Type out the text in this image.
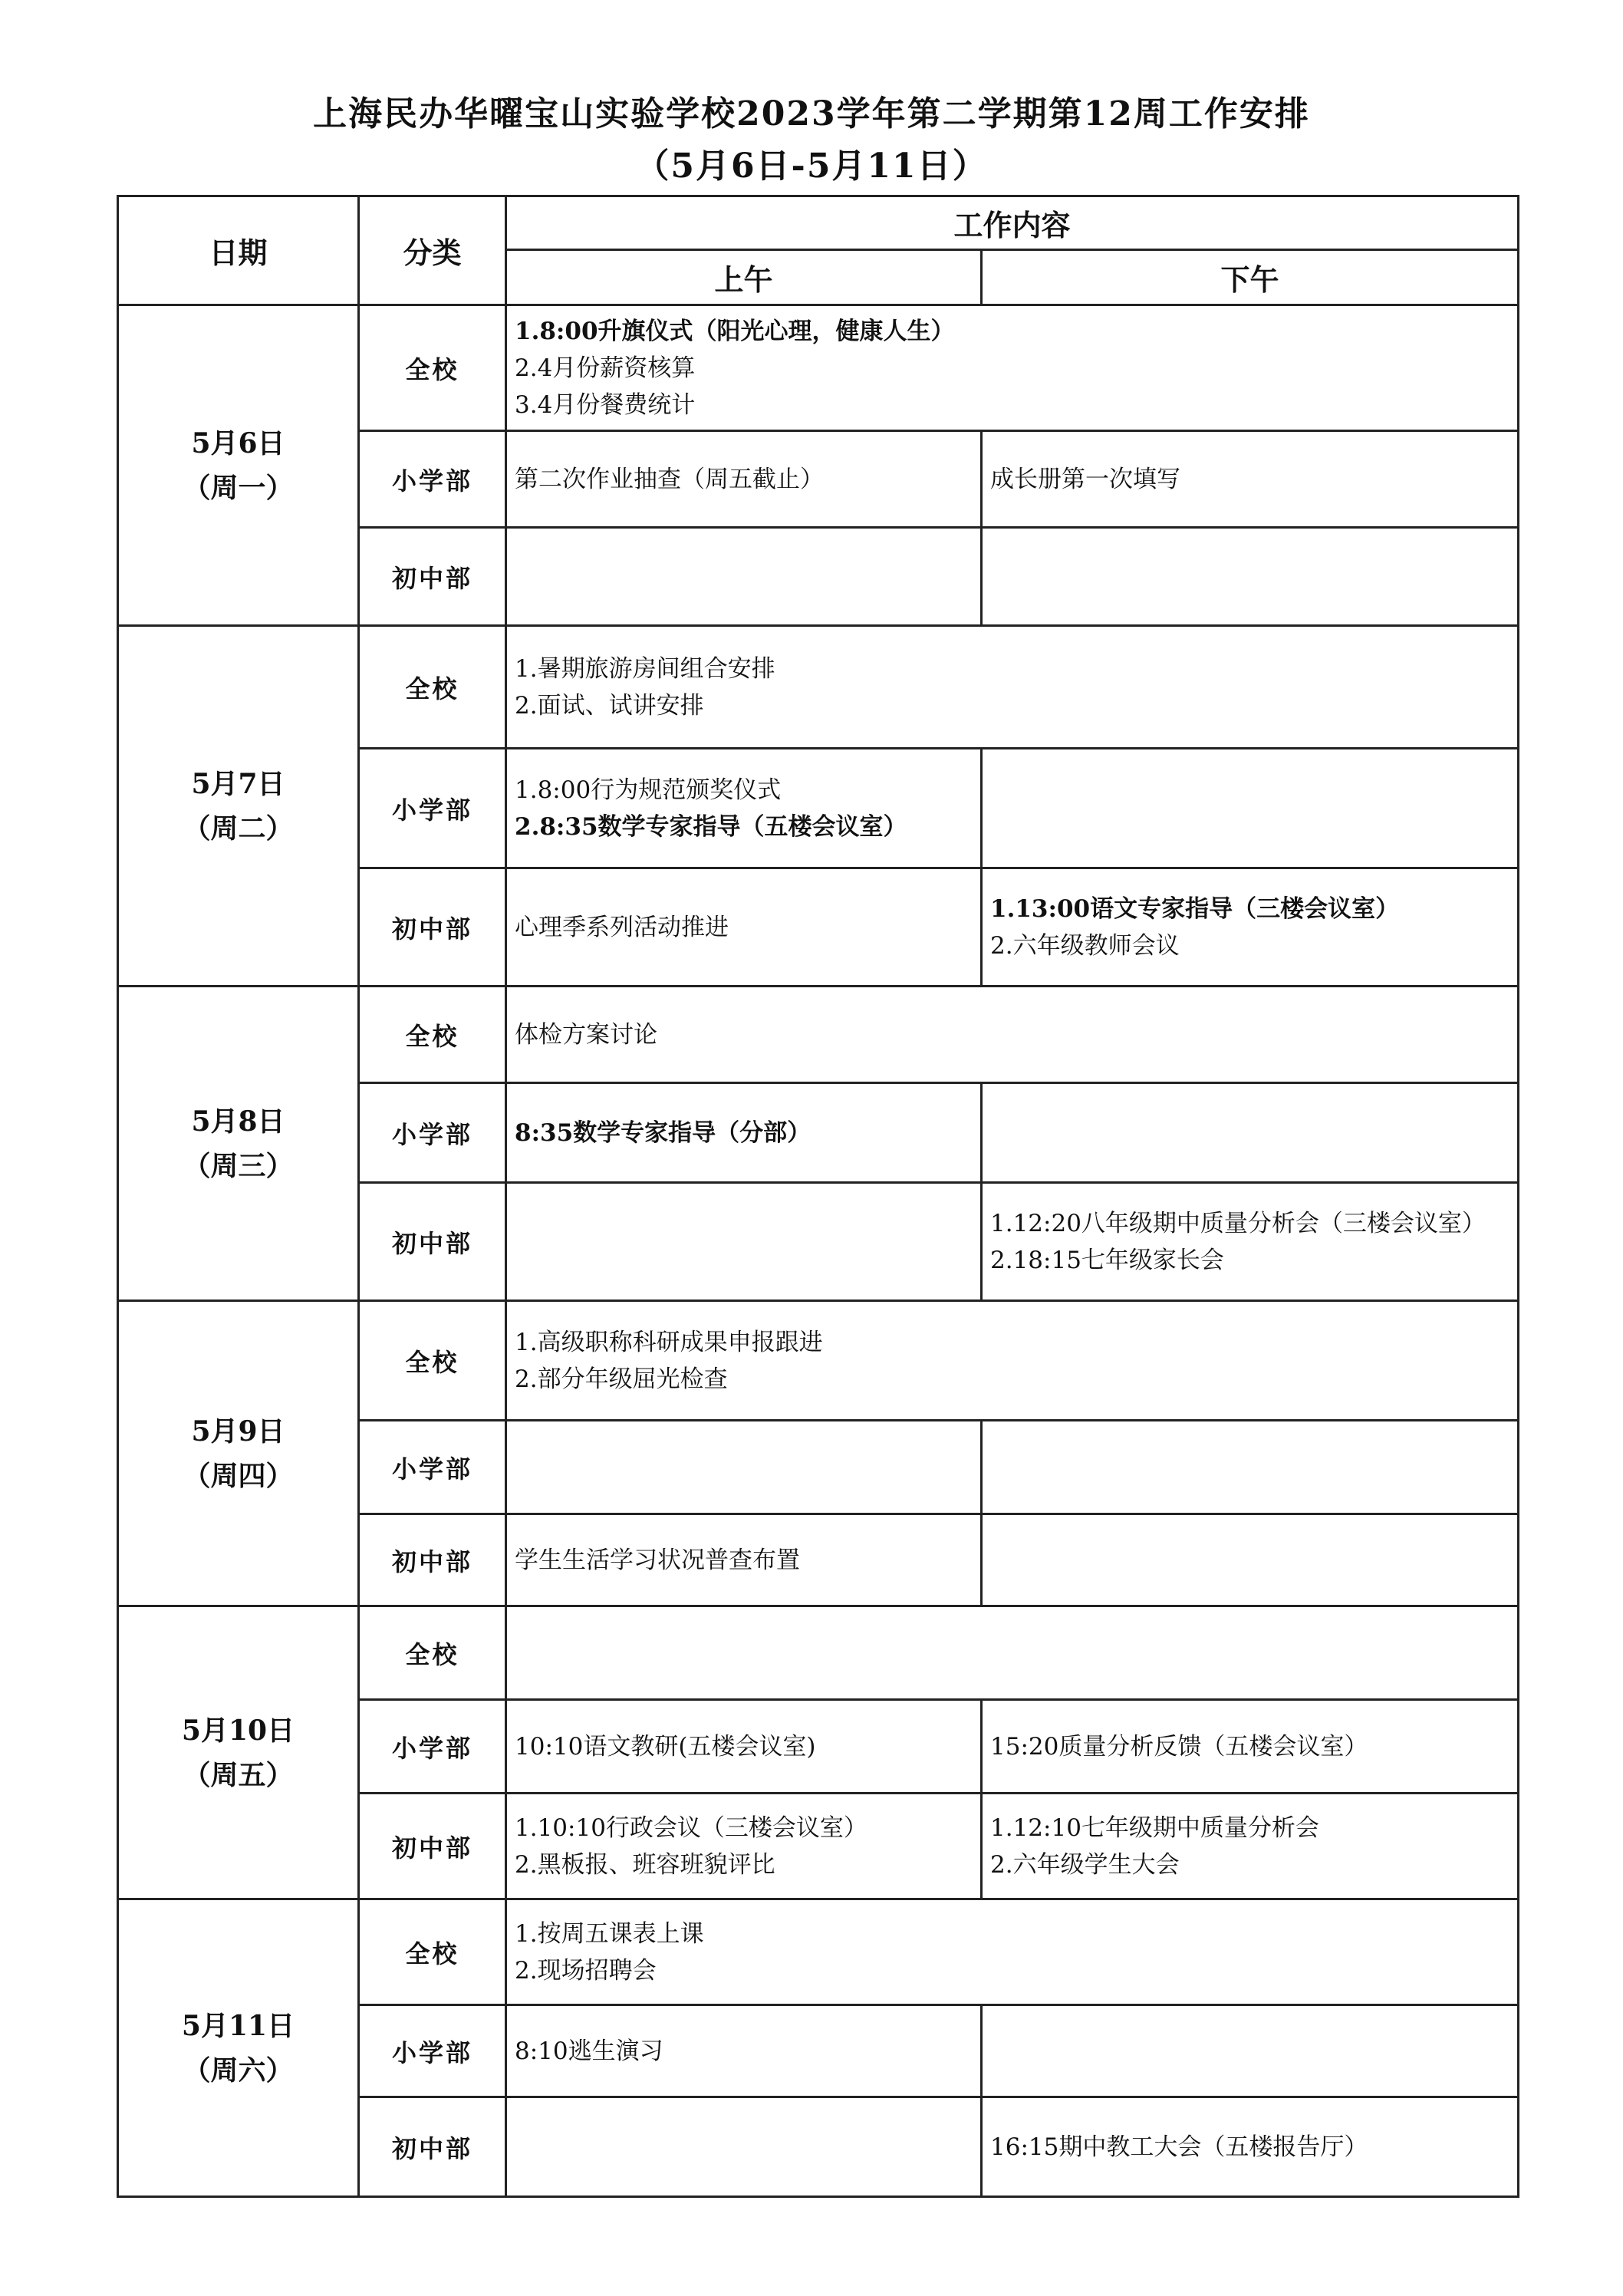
上海民办华曜宝山实验学校2023学年第二学期第12周工作安排
（5月6日-5月11日）
日期	分类	工作内容	
		上午	下午

5月6日
（周一）	全校	1.8:00升旗仪式（阳光心理，健康人生）
2.4月份薪资核算
3.4月份餐费统计	

	小学部	第二次作业抽查（周五截止）	成长册第一次填写

	初中部		

5月7日
（周二）	全校	1.暑期旅游房间组合安排
2.面试、试讲安排	

	小学部	1.8:00行为规范颁奖仪式
2.8:35数学专家指导（五楼会议室）	

	初中部	心理季系列活动推进	1.13:00语文专家指导（三楼会议室）
2.六年级教师会议

5月8日
（周三）	全校	体检方案讨论	

	小学部	8:35数学专家指导（分部）	

	初中部		1.12:20八年级期中质量分析会（三楼会议室）
2.18:15七年级家长会

5月9日
（周四）	全校	1.高级职称科研成果申报跟进
2.部分年级屈光检查	

	小学部		
	初中部	学生生活学习状况普查布置	

5月10日
（周五）	全校		
	小学部	10:10语文教研(五楼会议室)	15:20质量分析反馈（五楼会议室）

	初中部	1.10:10行政会议（三楼会议室）
2.黑板报、班容班貌评比	1.12:10七年级期中质量分析会
2.六年级学生大会

5月11日
（周六）	全校	1.按周五课表上课
2.现场招聘会	

	小学部	8:10逃生演习	

	初中部		16:15期中教工大会（五楼报告厅）
